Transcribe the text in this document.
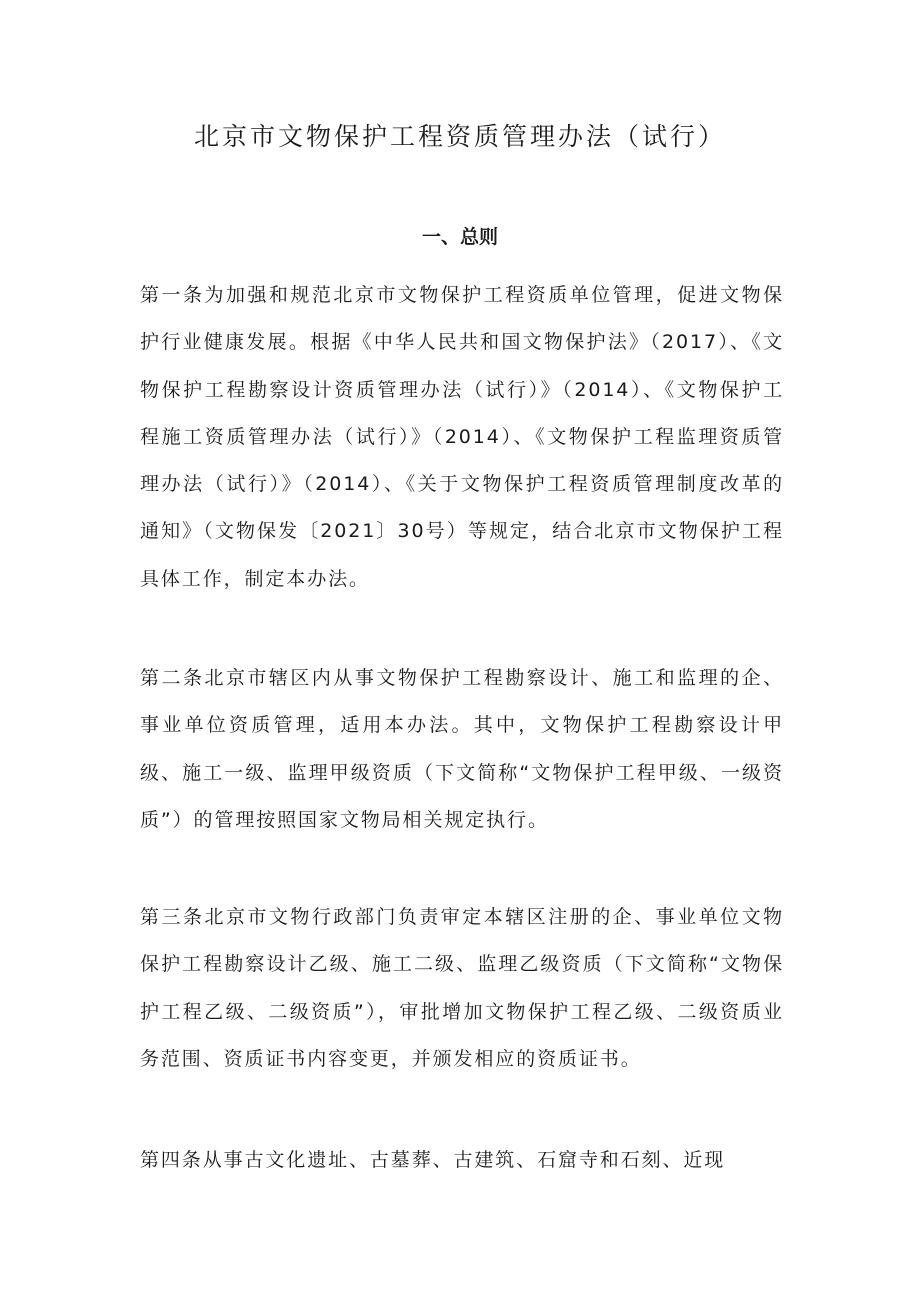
北京市文物保护工程资质管理办法（试行）
一、总则

第一条为加强和规范北京市文物保护工程资质单位管理，促进文物保护行业健康发展。根据《中华人民共和国文物保护法》（2017）、《文物保护工程勘察设计资质管理办法（试行）》（2014）、《文物保护工程施工资质管理办法（试行）》（2014）、《文物保护工程监理资质管理办法（试行）》（2014）、《关于文物保护工程资质管理制度改革的通知》（文物保发〔2021〕30号）等规定，结合北京市文物保护工程具体工作，制定本办法。

第二条北京市辖区内从事文物保护工程勘察设计、施工和监理的企、事业单位资质管理，适用本办法。其中，文物保护工程勘察设计甲级、施工一级、监理甲级资质（下文简称“文物保护工程甲级、一级资质”）的管理按照国家文物局相关规定执行。

第三条北京市文物行政部门负责审定本辖区注册的企、事业单位文物保护工程勘察设计乙级、施工二级、监理乙级资质（下文简称“文物保护工程乙级、二级资质”），审批增加文物保护工程乙级、二级资质业务范围、资质证书内容变更，并颁发相应的资质证书。

第四条从事古文化遗址、古墓葬、古建筑、石窟寺和石刻、近现
